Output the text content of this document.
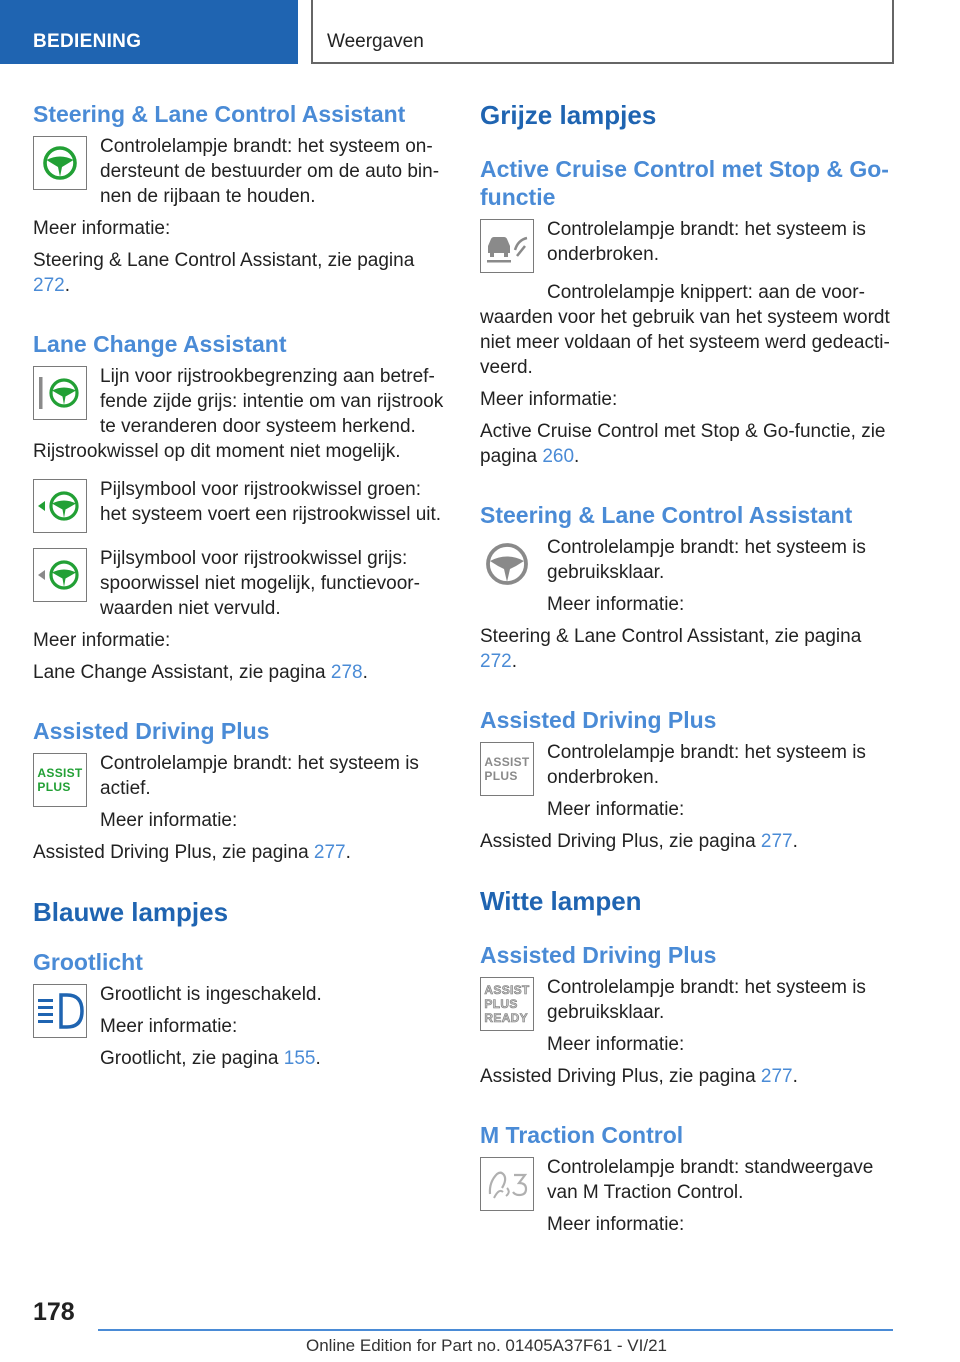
BEDIENING	Weergaven
Steering & Lane Control Assistant

Controlelampje brandt: het systeem ondersteunt de bestuurder om de auto binnen de rijbaan te houden.

Meer informatie:

Steering & Lane Control Assistant, zie pagina 272.

Lane Change Assistant

Lijn voor rijstrookbegrenzing aan betreffende zijde grijs: intentie om van rijstrook te veranderen door systeem herkend.

Rijstrookwissel op dit moment niet mogelijk.

Pijlsymbool voor rijstrookwissel groen: het systeem voert een rijstrookwissel uit.

Pijlsymbool voor rijstrookwissel grijs: spoorwissel niet mogelijk, functievoorwaarden niet vervuld.

Meer informatie:

Lane Change Assistant, zie pagina 278.

Assisted Driving Plus
ASSIST
PLUS

Controlelampje brandt: het systeem is actief.

Meer informatie:

Assisted Driving Plus, zie pagina 277.

Blauwe lampjes
Grootlicht

Grootlicht is ingeschakeld.

Meer informatie:

Grootlicht, zie pagina 155.

Grijze lampjes
Active Cruise Control met Stop & Go-functie

Controlelampje brandt: het systeem is onderbroken.

Controlelampje knippert: aan de voorwaarden voor het gebruik van het systeem wordt niet meer voldaan of het systeem werd gedeactiveerd.

Meer informatie:

Active Cruise Control met Stop & Go-functie, zie pagina 260.

Steering & Lane Control Assistant

Controlelampje brandt: het systeem is gebruiksklaar.

Meer informatie:

Steering & Lane Control Assistant, zie pagina 272.

Assisted Driving Plus
ASSIST
PLUS

Controlelampje brandt: het systeem is onderbroken.

Meer informatie:

Assisted Driving Plus, zie pagina 277.

Witte lampen
Assisted Driving Plus
ASSIST
PLUS
READY

Controlelampje brandt: het systeem is gebruiksklaar.

Meer informatie:

Assisted Driving Plus, zie pagina 277.

M Traction Control

Controlelampje brandt: standweergave van M Traction Control.

Meer informatie:

178
Online Edition for Part no. 01405A37F61 - VI/21
